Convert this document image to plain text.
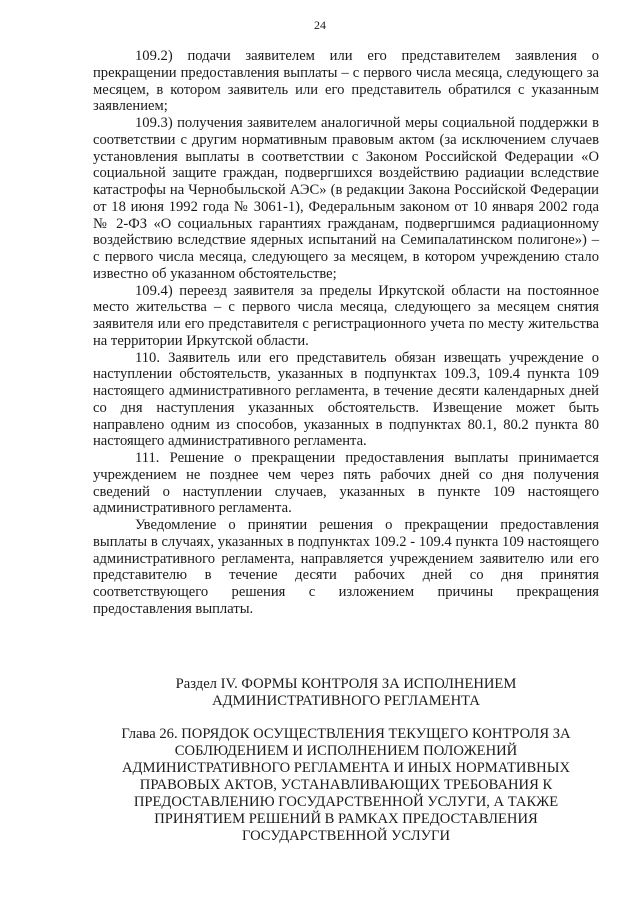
24

109.2) подачи заявителем или его представителем заявления о прекращении предоставления выплаты – с первого числа месяца, следующего за месяцем, в котором заявитель или его представитель обратился с указанным заявлением;

109.3) получения заявителем аналогичной меры социальной поддержки в соответствии с другим нормативным правовым актом (за исключением случаев установления выплаты в соответствии с Законом Российской Федерации «О социальной защите граждан, подвергшихся воздействию радиации вследствие катастрофы на Чернобыльской АЭС» (в редакции Закона Российской Федерации от 18 июня 1992 года № 3061-1), Федеральным законом от 10 января 2002 года № 2-ФЗ «О социальных гарантиях гражданам, подвергшимся радиационному воздействию вследствие ядерных испытаний на Семипалатинском полигоне») – с первого числа месяца, следующего за месяцем, в котором учреждению стало известно об указанном обстоятельстве;

109.4) переезд заявителя за пределы Иркутской области на постоянное место жительства – с первого числа месяца, следующего за месяцем снятия заявителя или его представителя с регистрационного учета по месту жительства на территории Иркутской области.

110. Заявитель или его представитель обязан извещать учреждение о наступлении обстоятельств, указанных в подпунктах 109.3, 109.4 пункта 109 настоящего административного регламента, в течение десяти календарных дней со дня наступления указанных обстоятельств. Извещение может быть направлено одним из способов, указанных в подпунктах 80.1, 80.2 пункта 80 настоящего административного регламента.

111. Решение о прекращении предоставления выплаты принимается учреждением не позднее чем через пять рабочих дней со дня получения сведений о наступлении случаев, указанных в пункте 109 настоящего административного регламента.

Уведомление о принятии решения о прекращении предоставления выплаты в случаях, указанных в подпунктах 109.2 - 109.4 пункта 109 настоящего административного регламента, направляется учреждением заявителю или его представителю в течение десяти рабочих дней со дня принятия соответствующего решения с изложением причины прекращения предоставления выплаты.

Раздел IV. ФОРМЫ КОНТРОЛЯ ЗА ИСПОЛНЕНИЕМ
АДМИНИСТРАТИВНОГО РЕГЛАМЕНТА
Глава 26. ПОРЯДОК ОСУЩЕСТВЛЕНИЯ ТЕКУЩЕГО КОНТРОЛЯ ЗА
СОБЛЮДЕНИЕМ И ИСПОЛНЕНИЕМ ПОЛОЖЕНИЙ
АДМИНИСТРАТИВНОГО РЕГЛАМЕНТА И ИНЫХ НОРМАТИВНЫХ
ПРАВОВЫХ АКТОВ, УСТАНАВЛИВАЮЩИХ ТРЕБОВАНИЯ К
ПРЕДОСТАВЛЕНИЮ ГОСУДАРСТВЕННОЙ УСЛУГИ, А ТАКЖЕ
ПРИНЯТИЕМ РЕШЕНИЙ В РАМКАХ ПРЕДОСТАВЛЕНИЯ
ГОСУДАРСТВЕННОЙ УСЛУГИ
